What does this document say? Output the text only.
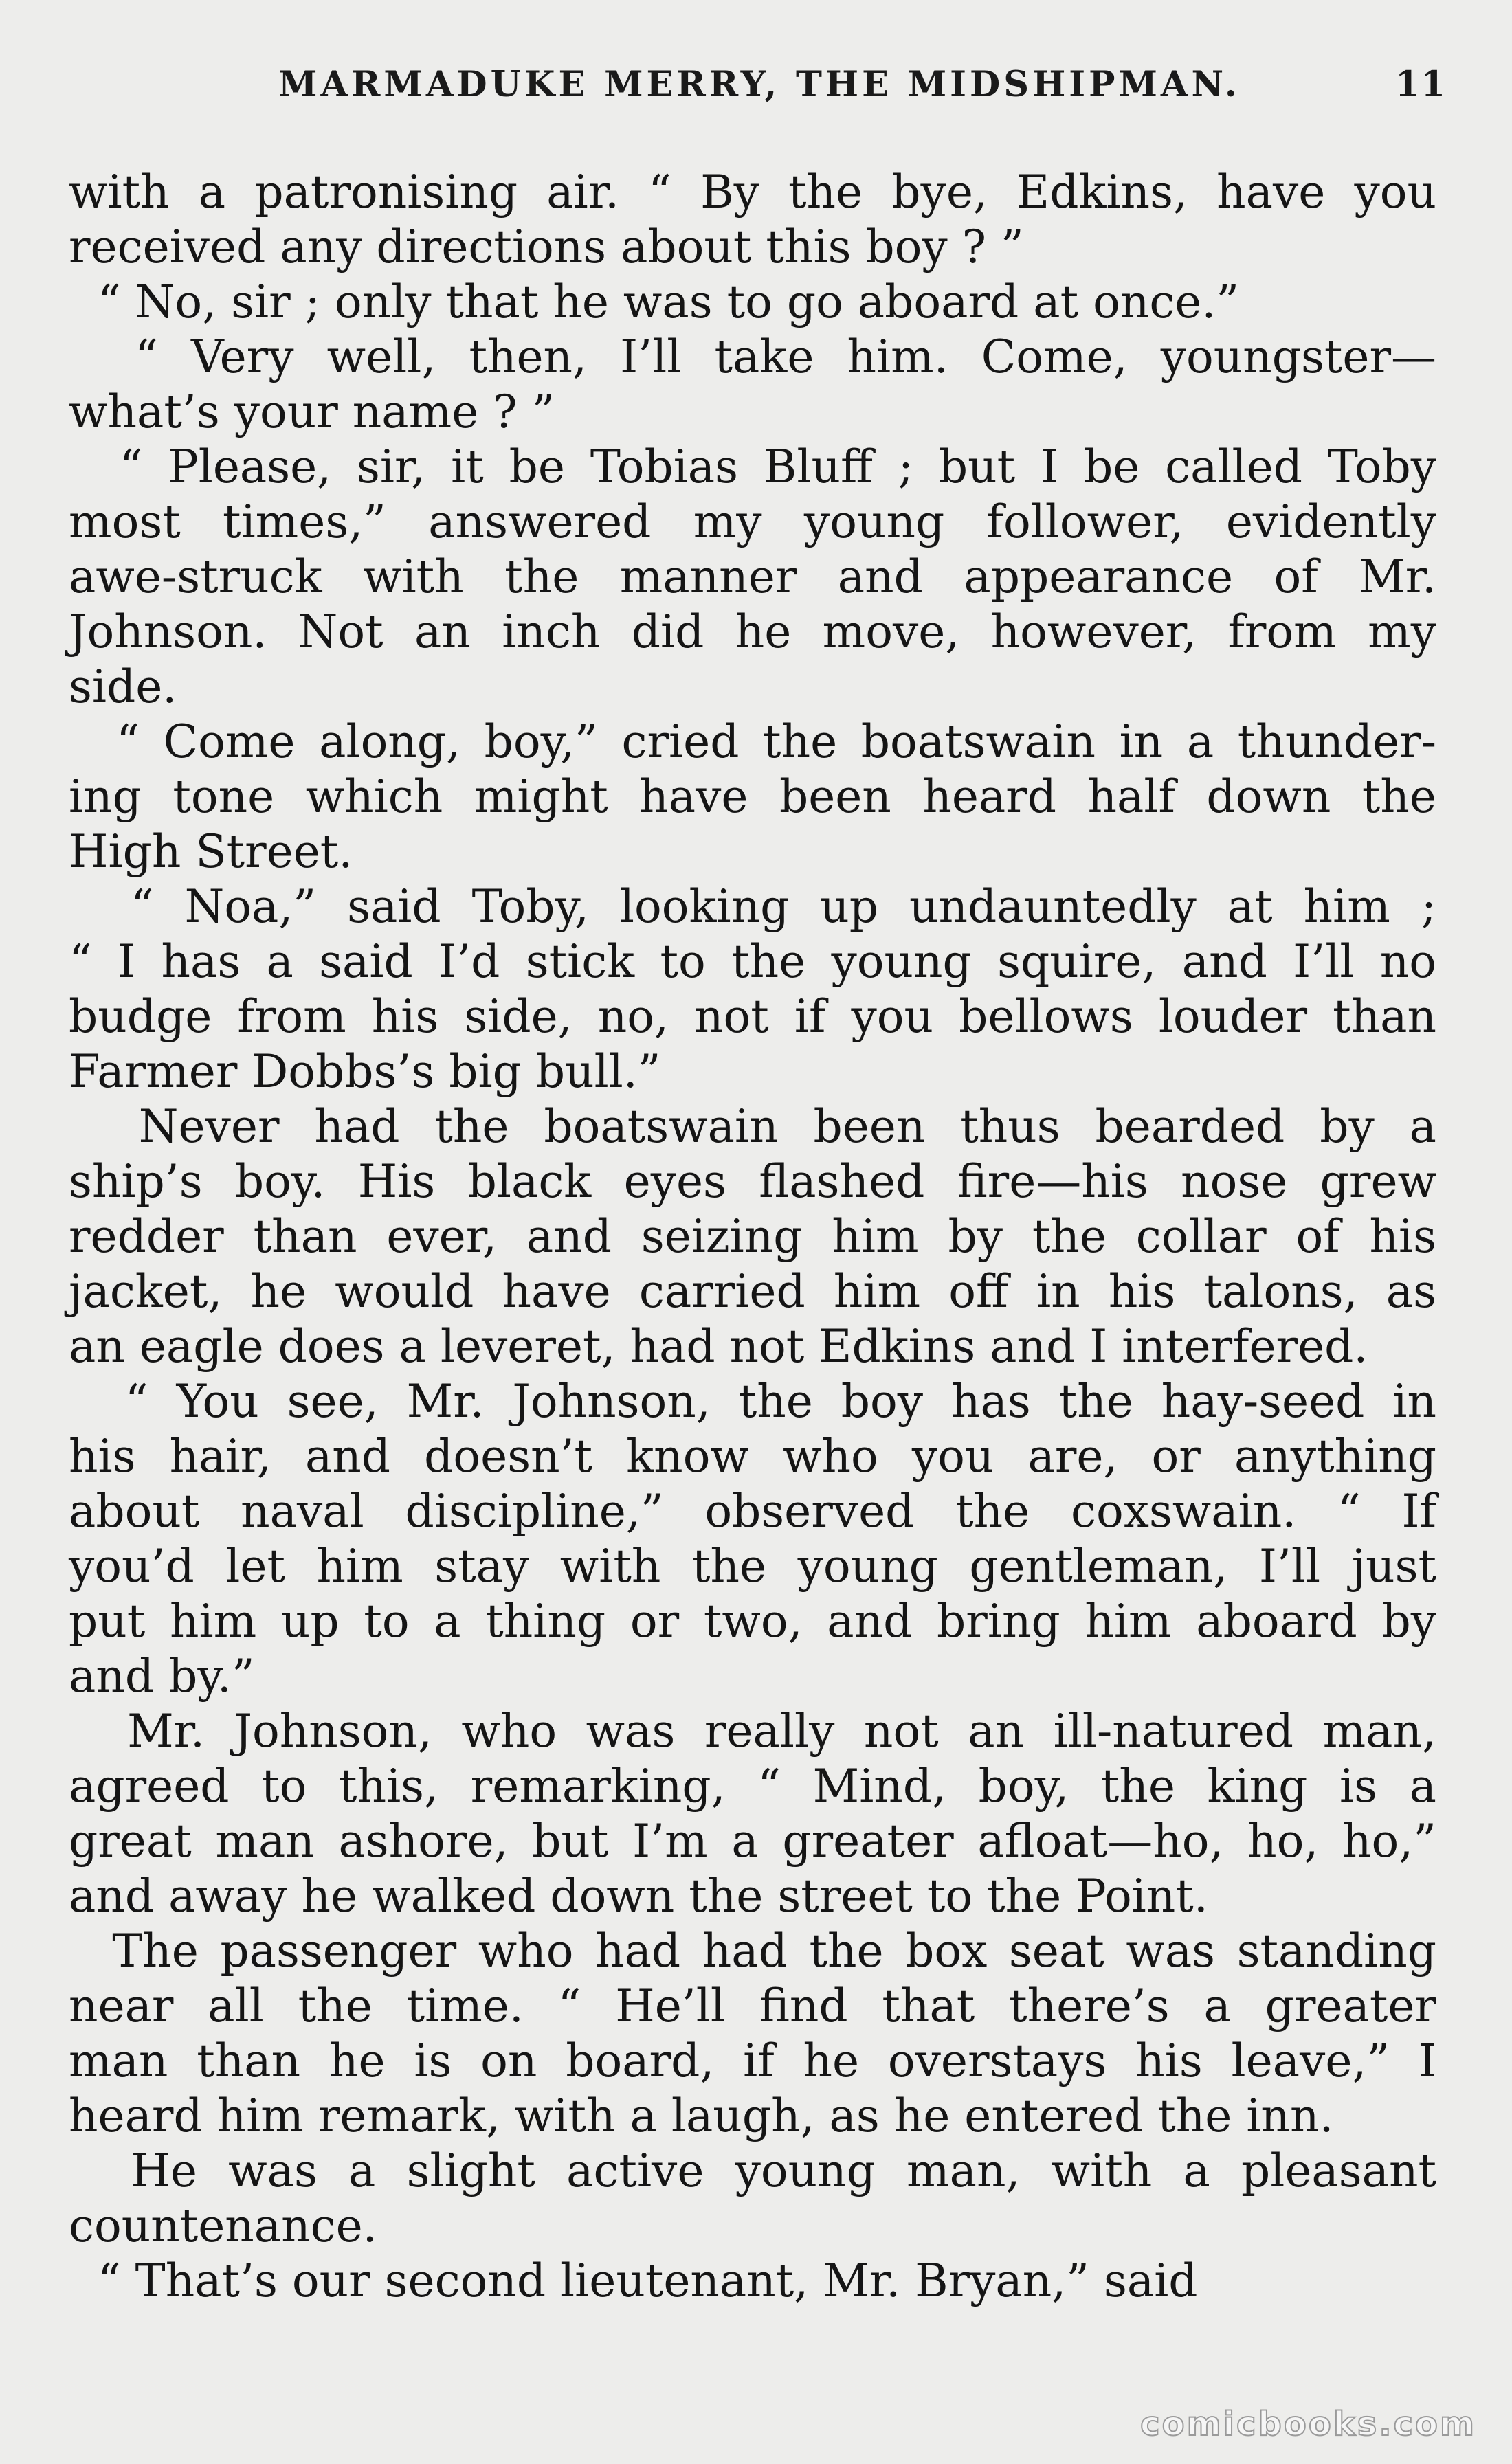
MARMADUKE MERRY, THE MIDSHIPMAN.	11
with a patronising air. “ By the bye, Edkins, have you
received any directions about this boy ? ”
“ No, sir ; only that he was to go aboard at once.”
“ Very well, then, I’ll take him. Come, youngster—
what’s your name ? ”
“ Please, sir, it be Tobias Bluff ; but I be called Toby
most times,” answered my young follower, evidently
awe-struck with the manner and appearance of Mr.
Johnson. Not an inch did he move, however, from my
side.
“ Come along, boy,” cried the boatswain in a thunder-
ing tone which might have been heard half down the
High Street.
“ Noa,” said Toby, looking up undauntedly at him ;
“ I has a said I’d stick to the young squire, and I’ll no
budge from his side, no, not if you bellows louder than
Farmer Dobbs’s big bull.”
Never had the boatswain been thus bearded by a
ship’s boy. His black eyes flashed fire—his nose grew
redder than ever, and seizing him by the collar of his
jacket, he would have carried him off in his talons, as
an eagle does a leveret, had not Edkins and I interfered.
“ You see, Mr. Johnson, the boy has the hay-seed in
his hair, and doesn’t know who you are, or anything
about naval discipline,” observed the coxswain. “ If
you’d let him stay with the young gentleman, I’ll just
put him up to a thing or two, and bring him aboard by
and by.”
Mr. Johnson, who was really not an ill-natured man,
agreed to this, remarking, “ Mind, boy, the king is a
great man ashore, but I’m a greater afloat—ho, ho, ho,”
and away he walked down the street to the Point.
The passenger who had had the box seat was standing
near all the time. “ He’ll find that there’s a greater
man than he is on board, if he overstays his leave,” I
heard him remark, with a laugh, as he entered the inn.
He was a slight active young man, with a pleasant
countenance.
“ That’s our second lieutenant, Mr. Bryan,” said
comicbooks.com
